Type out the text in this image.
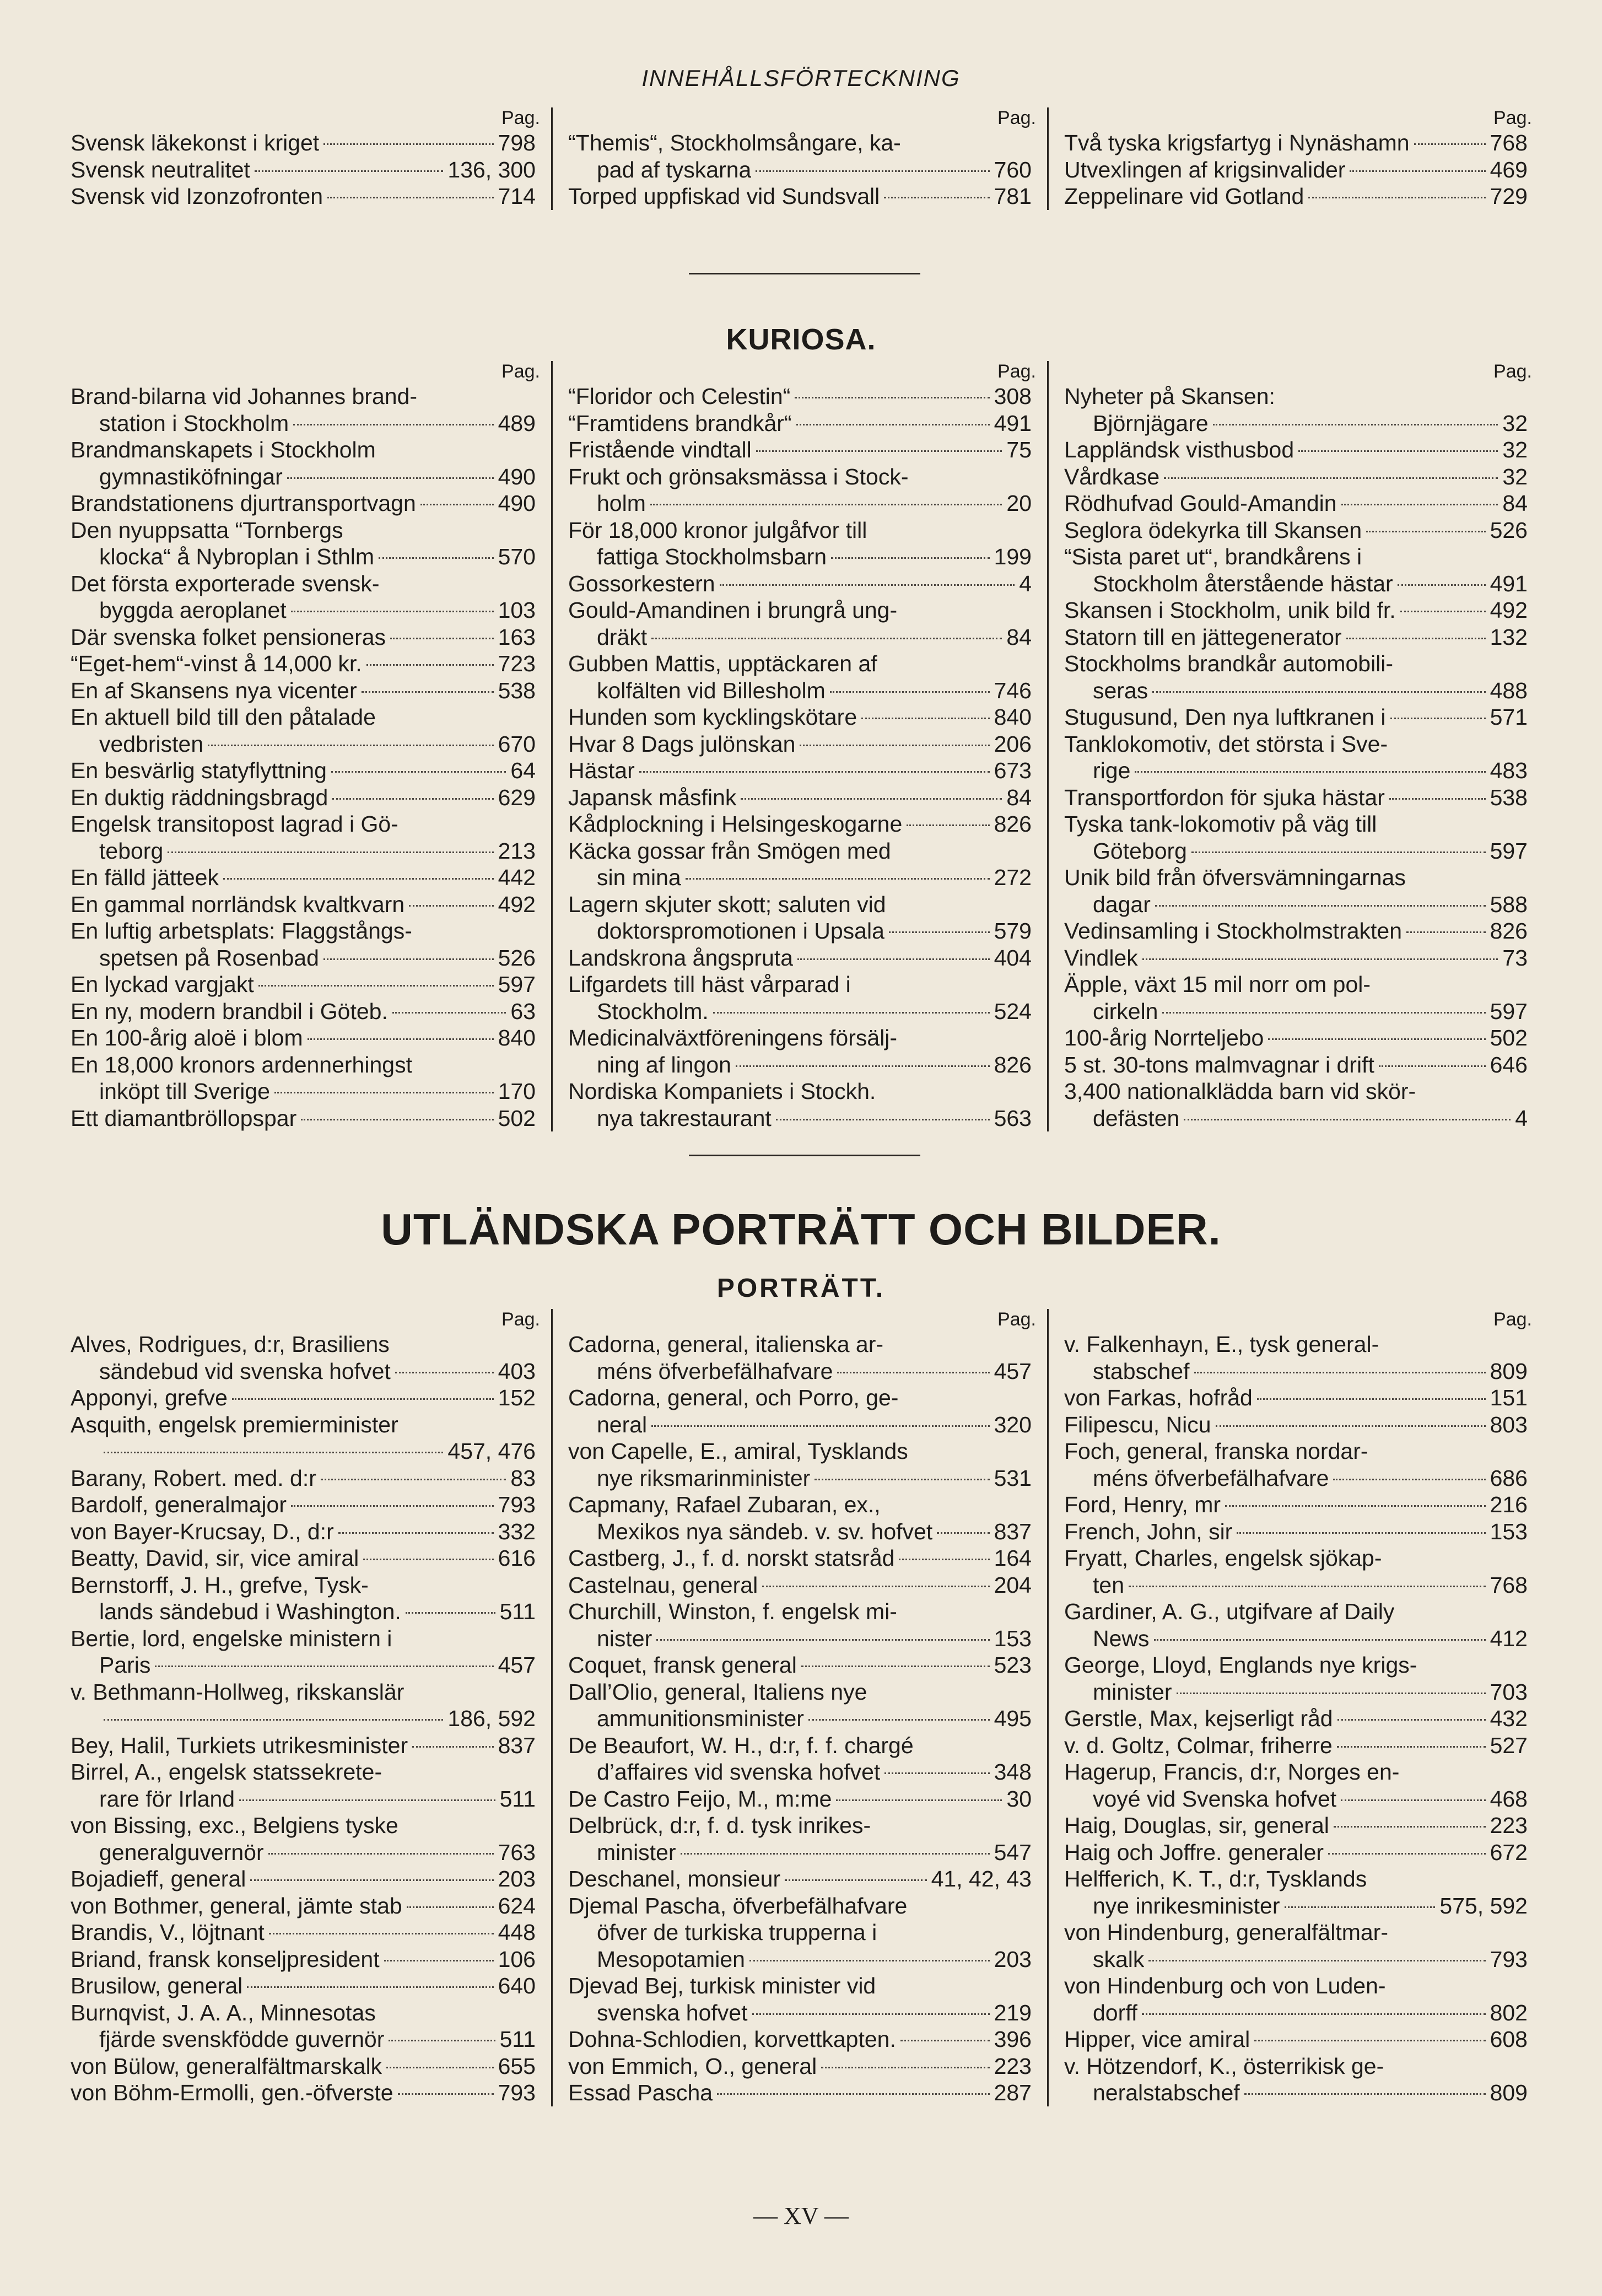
INNEHÅLLSFÖRTECKNING
Pag.
Svensk läkekonst i kriget	798
Svensk neutralitet	136, 300
Svensk vid Izonzofronten	714
Pag.
“Themis“, Stockholmsångare, ka-
pad af tyskarna	760
Torped uppfiskad vid Sundsvall	781
Pag.
Två tyska krigsfartyg i Nynäshamn	768
Utvexlingen af krigsinvalider	469
Zeppelinare vid Gotland	729
KURIOSA.
Pag.
Brand-bilarna vid Johannes brand-
station i Stockholm	489
Brandmanskapets i Stockholm
gymnastiköfningar	490
Brandstationens djurtransportvagn	490
Den nyuppsatta “Tornbergs
klocka“ å Nybroplan i Sthlm	570
Det första exporterade svensk-
byggda aeroplanet	103
Där svenska folket pensioneras	163
“Eget-hem“-vinst å 14,000 kr.	723
En af Skansens nya vicenter	538
En aktuell bild till den påtalade
vedbristen	670
En besvärlig statyflyttning	64
En duktig räddningsbragd	629
Engelsk transitopost lagrad i Gö-
teborg	213
En fälld jätteek	442
En gammal norrländsk kvaltkvarn	492
En luftig arbetsplats: Flaggstångs-
spetsen på Rosenbad	526
En lyckad vargjakt	597
En ny, modern brandbil i Göteb.	63
En 100-årig aloë i blom	840
En 18,000 kronors ardennerhingst
inköpt till Sverige	170
Ett diamantbröllopspar	502
Pag.
“Floridor och Celestin“	308
“Framtidens brandkår“	491
Fristående vindtall	75
Frukt och grönsaksmässa i Stock-
holm	20
För 18,000 kronor julgåfvor till
fattiga Stockholmsbarn	199
Gossorkestern	4
Gould-Amandinen i brungrå ung-
dräkt	84
Gubben Mattis, upptäckaren af
kolfälten vid Billesholm	746
Hunden som kycklingskötare	840
Hvar 8 Dags julönskan	206
Hästar	673
Japansk måsfink	84
Kådplockning i Helsingeskogarne	826
Käcka gossar från Smögen med
sin mina	272
Lagern skjuter skott; saluten vid
doktorspromotionen i Upsala	579
Landskrona ångspruta	404
Lifgardets till häst vårparad i
Stockholm.	524
Medicinalväxtföreningens försälj-
ning af lingon	826
Nordiska Kompaniets i Stockh.
nya takrestaurant	563
Pag.
Nyheter på Skansen:
Björnjägare	32
Lappländsk visthusbod	32
Vårdkase	32
Rödhufvad Gould-Amandin	84
Seglora ödekyrka till Skansen	526
“Sista paret ut“, brandkårens i
Stockholm återstående hästar	491
Skansen i Stockholm, unik bild fr.	492
Statorn till en jättegenerator	132
Stockholms brandkår automobili-
seras	488
Stugusund, Den nya luftkranen i	571
Tanklokomotiv, det största i Sve-
rige	483
Transportfordon för sjuka hästar	538
Tyska tank-lokomotiv på väg till
Göteborg	597
Unik bild från öfversvämningarnas
dagar	588
Vedinsamling i Stockholmstrakten	826
Vindlek	73
Äpple, växt 15 mil norr om pol-
cirkeln	597
100-årig Norrteljebo	502
5 st. 30-tons malmvagnar i drift	646
3,400 nationalklädda barn vid skör-
defästen	4
UTLÄNDSKA PORTRÄTT OCH BILDER.
PORTRÄTT.
Pag.
Alves, Rodrigues, d:r, Brasiliens
sändebud vid svenska hofvet	403
Apponyi, grefve	152
Asquith, engelsk premierminister
457, 476
Barany, Robert. med. d:r	83
Bardolf, generalmajor	793
von Bayer-Krucsay, D., d:r	332
Beatty, David, sir, vice amiral	616
Bernstorff, J. H., grefve, Tysk-
lands sändebud i Washington.	511
Bertie, lord, engelske ministern i
Paris	457
v. Bethmann-Hollweg, rikskanslär
186, 592
Bey, Halil, Turkiets utrikesminister	837
Birrel, A., engelsk statssekrete-
rare för Irland	511
von Bissing, exc., Belgiens tyske
generalguvernör	763
Bojadieff, general	203
von Bothmer, general, jämte stab	624
Brandis, V., löjtnant	448
Briand, fransk konseljpresident	106
Brusilow, general	640
Burnqvist, J. A. A., Minnesotas
fjärde svenskfödde guvernör	511
von Bülow, generalfältmarskalk	655
von Böhm-Ermolli, gen.-öfverste	793
Pag.
Cadorna, general, italienska ar-
méns öfverbefälhafvare	457
Cadorna, general, och Porro, ge-
neral	320
von Capelle, E., amiral, Tysklands
nye riksmarinminister	531
Capmany, Rafael Zubaran, ex.,
Mexikos nya sändeb. v. sv. hofvet	837
Castberg, J., f. d. norskt statsråd	164
Castelnau, general	204
Churchill, Winston, f. engelsk mi-
nister	153
Coquet, fransk general	523
Dall’Olio, general, Italiens nye
ammunitionsminister	495
De Beaufort, W. H., d:r, f. f. chargé
d’affaires vid svenska hofvet	348
De Castro Feijo, M., m:me	30
Delbrück, d:r, f. d. tysk inrikes-
minister	547
Deschanel, monsieur	41, 42, 43
Djemal Pascha, öfverbefälhafvare
öfver de turkiska trupperna i
Mesopotamien	203
Djevad Bej, turkisk minister vid
svenska hofvet	219
Dohna-Schlodien, korvettkapten.	396
von Emmich, O., general	223
Essad Pascha	287
Pag.
v. Falkenhayn, E., tysk general-
stabschef	809
von Farkas, hofråd	151
Filipescu, Nicu	803
Foch, general, franska nordar-
méns öfverbefälhafvare	686
Ford, Henry, mr	216
French, John, sir	153
Fryatt, Charles, engelsk sjökap-
ten	768
Gardiner, A. G., utgifvare af Daily
News	412
George, Lloyd, Englands nye krigs-
minister	703
Gerstle, Max, kejserligt råd	432
v. d. Goltz, Colmar, friherre	527
Hagerup, Francis, d:r, Norges en-
voyé vid Svenska hofvet	468
Haig, Douglas, sir, general	223
Haig och Joffre. generaler	672
Helfferich, K. T., d:r, Tysklands
nye inrikesminister	575, 592
von Hindenburg, generalfältmar-
skalk	793
von Hindenburg och von Luden-
dorff	802
Hipper, vice amiral	608
v. Hötzendorf, K., österrikisk ge-
neralstabschef	809
— XV —
